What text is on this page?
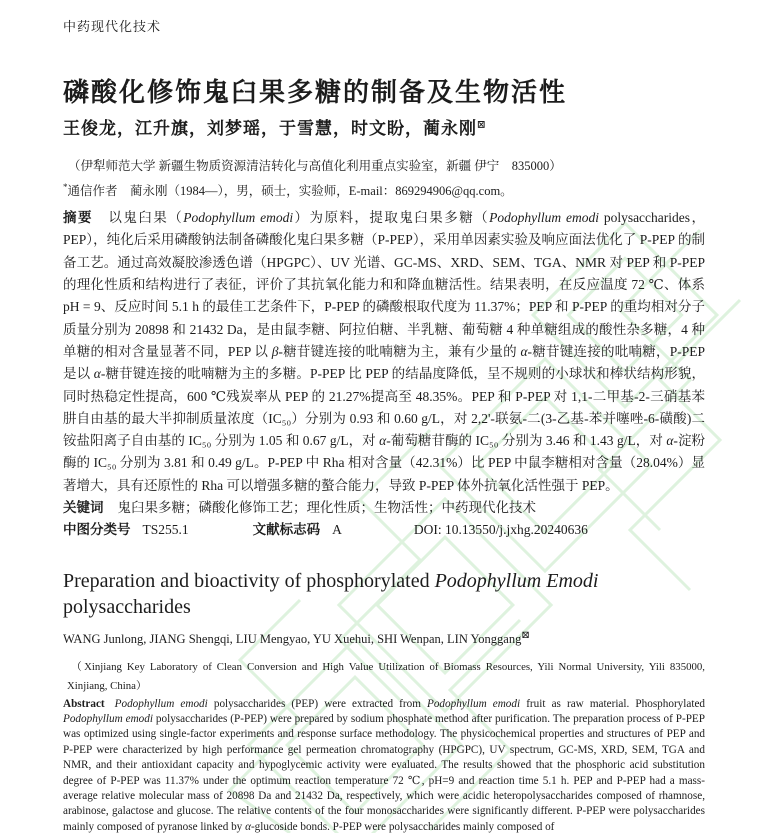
中药现代化技术
磷酸化修饰鬼臼果多糖的制备及生物活性
王俊龙，江升旗，刘梦瑶，于雪慧，时文盼，蔺永刚⊠
（伊犁师范大学 新疆生物质资源清洁转化与高值化利用重点实验室，新疆 伊宁　835000）
*通信作者　蔺永刚（1984—），男，硕士，实验师，E-mail：869294906@qq.com。

摘要 以鬼臼果（Podophyllum emodi）为原料，提取鬼臼果多糖（Podophyllum emodi polysaccharides，PEP），纯化后采用磷酸钠法制备磷酸化鬼臼果多糖（P-PEP），采用单因素实验及响应面法优化了 P-PEP 的制备工艺。通过高效凝胶渗透色谱（HPGPC）、UV 光谱、GC-MS、XRD、SEM、TGA、NMR 对 PEP 和 P-PEP 的理化性质和结构进行了表征，评价了其抗氧化能力和和降血糖活性。结果表明，在反应温度 72 ℃、体系 pH = 9、反应时间 5.1 h 的最佳工艺条件下，P-PEP 的磷酸根取代度为 11.37%；PEP 和 P-PEP 的重均相对分子质量分别为 20898 和 21432 Da，是由鼠李糖、阿拉伯糖、半乳糖、葡萄糖 4 种单糖组成的酸性杂多糖，4 种单糖的相对含量显著不同，PEP 以 β-糖苷键连接的吡喃糖为主，兼有少量的 α-糖苷键连接的吡喃糖，P-PEP 是以 α-糖苷键连接的吡喃糖为主的多糖。P-PEP 比 PEP 的结晶度降低，呈不规则的小球状和棒状结构形貌，同时热稳定性提高，600 ℃残炭率从 PEP 的 21.27%提高至 48.35%。PEP 和 P-PEP 对 1,1-二甲基-2-三硝基苯肼自由基的最大半抑制质量浓度（IC₅₀）分别为 0.93 和 0.60 g/L，对 2,2'-联氨-二(3-乙基-苯并噻唑-6-磺酸)二铵盐阳离子自由基的 IC₅₀ 分别为 1.05 和 0.67 g/L，对 α-葡萄糖苷酶的 IC₅₀ 分别为 3.46 和 1.43 g/L，对 α-淀粉酶的 IC₅₀ 分别为 3.81 和 0.49 g/L。P-PEP 中 Rha 相对含量（42.31%）比 PEP 中鼠李糖相对含量（28.04%）显著增大，具有还原性的 Rha 可以增强多糖的螯合能力，导致 P-PEP 体外抗氧化活性强于 PEP。

关键词 鬼臼果多糖；磷酸化修饰工艺；理化性质；生物活性；中药现代化技术
中图分类号 TS255.1	文献标志码 A	DOI: 10.13550/j.jxhg.20240636
Preparation and bioactivity of phosphorylated Podophyllum Emodi polysaccharides
WANG Junlong, JIANG Shengqi, LIU Mengyao, YU Xuehui, SHI Wenpan, LIN Yonggang⊠
（Xinjiang Key Laboratory of Clean Conversion and High Value Utilization of Biomass Resources, Yili Normal University, Yili 835000, Xinjiang, China）

Abstract Podophyllum emodi polysaccharides (PEP) were extracted from Podophyllum emodi fruit as raw material. Phosphorylated Podophyllum emodi polysaccharides (P-PEP) were prepared by sodium phosphate method after purification. The preparation process of P-PEP was optimized using single-factor experiments and response surface methodology. The physicochemical properties and structures of PEP and P-PEP were characterized by high performance gel permeation chromatography (HPGPC), UV spectrum, GC-MS, XRD, SEM, TGA and NMR, and their antioxidant capacity and hypoglycemic activity were evaluated. The results showed that the phosphoric acid substitution degree of P-PEP was 11.37% under the optimum reaction temperature 72 ℃, pH=9 and reaction time 5.1 h. PEP and P-PEP had a mass-average relative molecular mass of 20898 Da and 21432 Da, respectively, which were acidic heteropolysaccharides composed of rhamnose, arabinose, galactose and glucose. The relative contents of the four monosaccharides were significantly different. P-PEP were polysaccharides mainly composed of pyranose linked by α-glucoside bonds. P-PEP were polysaccharides mainly composed of
